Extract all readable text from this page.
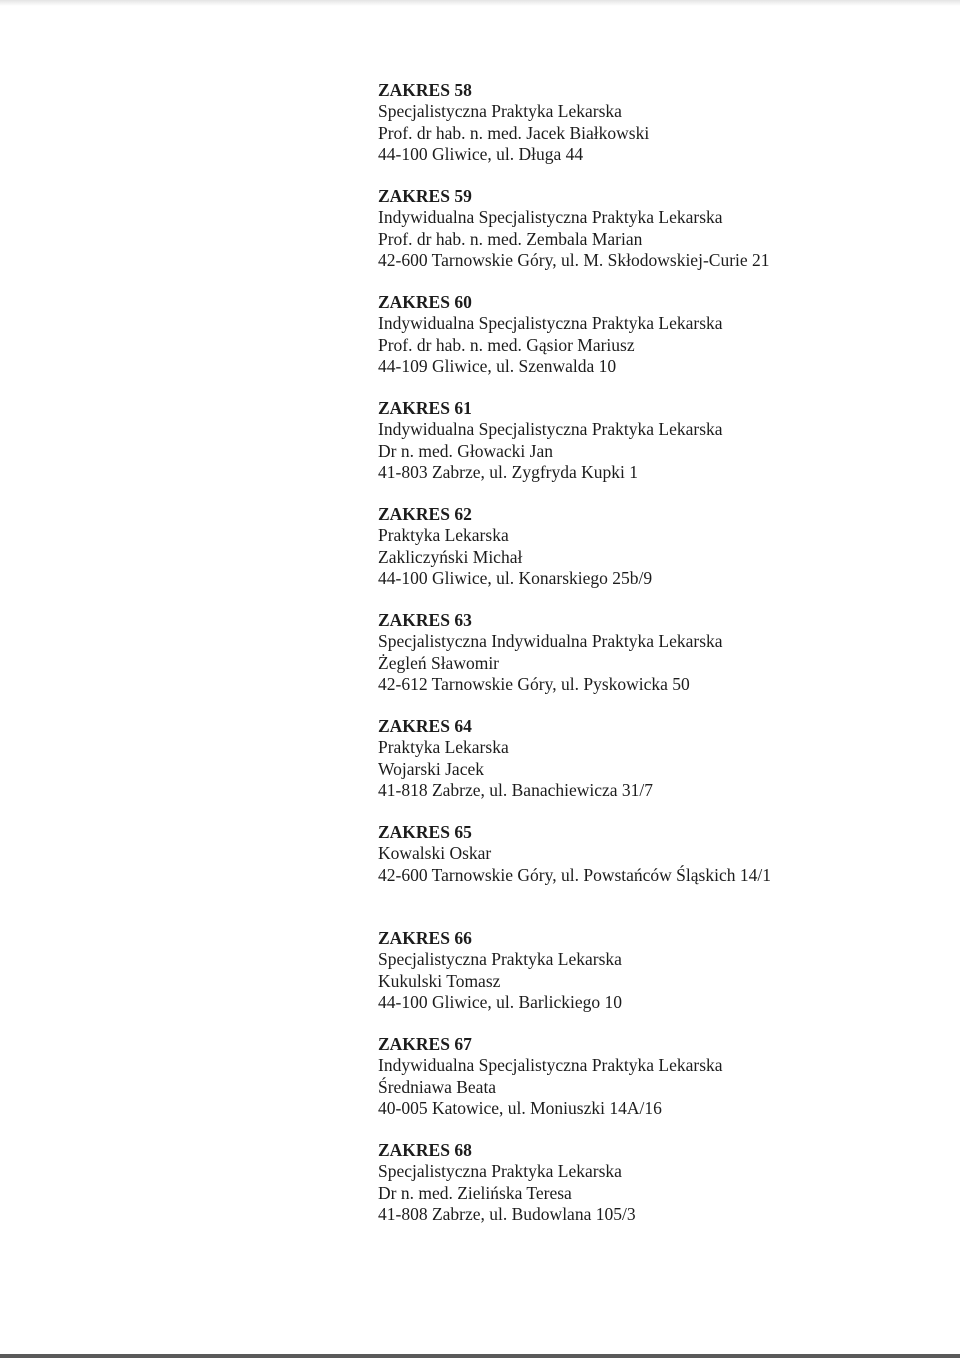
ZAKRES 58
Specjalistyczna Praktyka Lekarska
Prof. dr hab. n. med. Jacek Białkowski
44-100 Gliwice, ul. Długa 44
ZAKRES 59
Indywidualna Specjalistyczna Praktyka Lekarska
Prof. dr hab. n. med. Zembala Marian
42-600 Tarnowskie Góry, ul. M. Skłodowskiej-Curie 21
ZAKRES 60
Indywidualna Specjalistyczna Praktyka Lekarska
Prof. dr hab. n. med. Gąsior Mariusz
44-109 Gliwice, ul. Szenwalda 10
ZAKRES 61
Indywidualna Specjalistyczna Praktyka Lekarska
Dr n. med. Głowacki Jan
41-803 Zabrze, ul. Zygfryda Kupki 1
ZAKRES 62
Praktyka Lekarska
Zakliczyński Michał
44-100 Gliwice, ul. Konarskiego 25b/9
ZAKRES 63
Specjalistyczna Indywidualna Praktyka Lekarska
Żegleń Sławomir
42-612 Tarnowskie Góry, ul. Pyskowicka 50
ZAKRES 64
Praktyka Lekarska
Wojarski Jacek
41-818 Zabrze, ul. Banachiewicza 31/7
ZAKRES 65
Kowalski Oskar
42-600 Tarnowskie Góry, ul. Powstańców Śląskich 14/1
ZAKRES 66
Specjalistyczna Praktyka Lekarska
Kukulski Tomasz
44-100 Gliwice, ul. Barlickiego 10
ZAKRES 67
Indywidualna Specjalistyczna Praktyka Lekarska
Średniawa Beata
40-005 Katowice, ul. Moniuszki 14A/16
ZAKRES 68
Specjalistyczna Praktyka Lekarska
Dr n. med. Zielińska Teresa
41-808 Zabrze, ul. Budowlana 105/3
